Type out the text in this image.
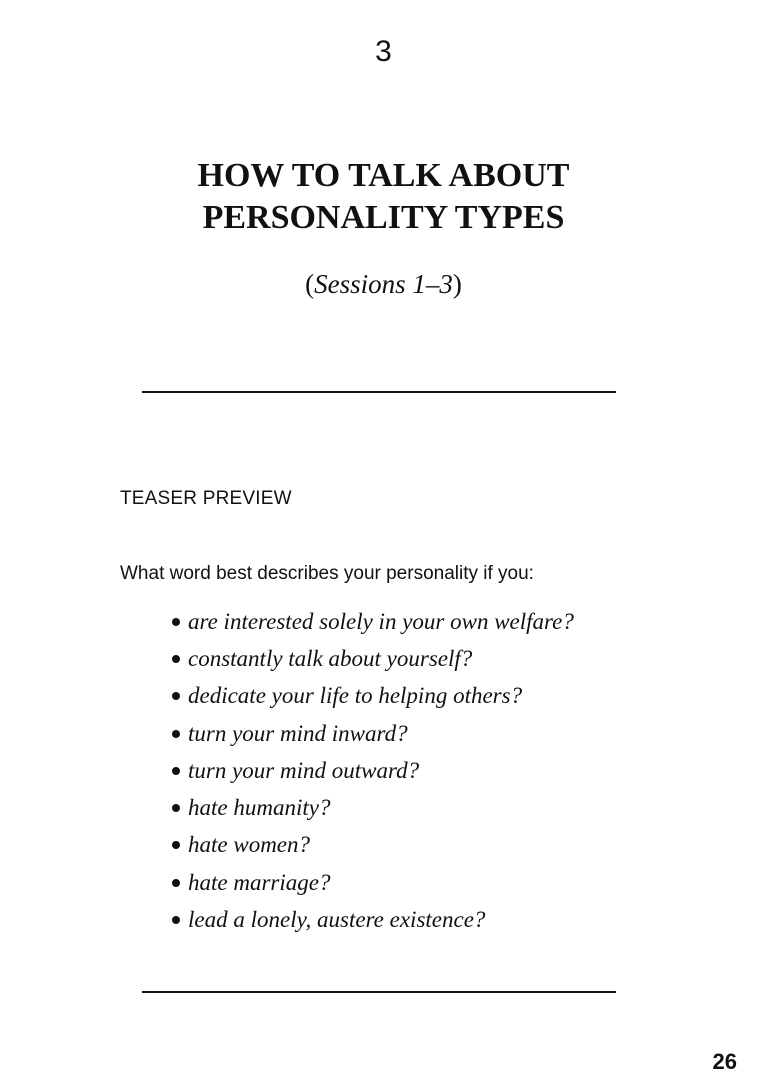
3
HOW TO TALK ABOUT
PERSONALITY TYPES
(Sessions 1–3)
TEASER PREVIEW
What word best describes your personality if you:
are interested solely in your own welfare?
constantly talk about yourself?
dedicate your life to helping others?
turn your mind inward?
turn your mind outward?
hate humanity?
hate women?
hate marriage?
lead a lonely, austere existence?
26
